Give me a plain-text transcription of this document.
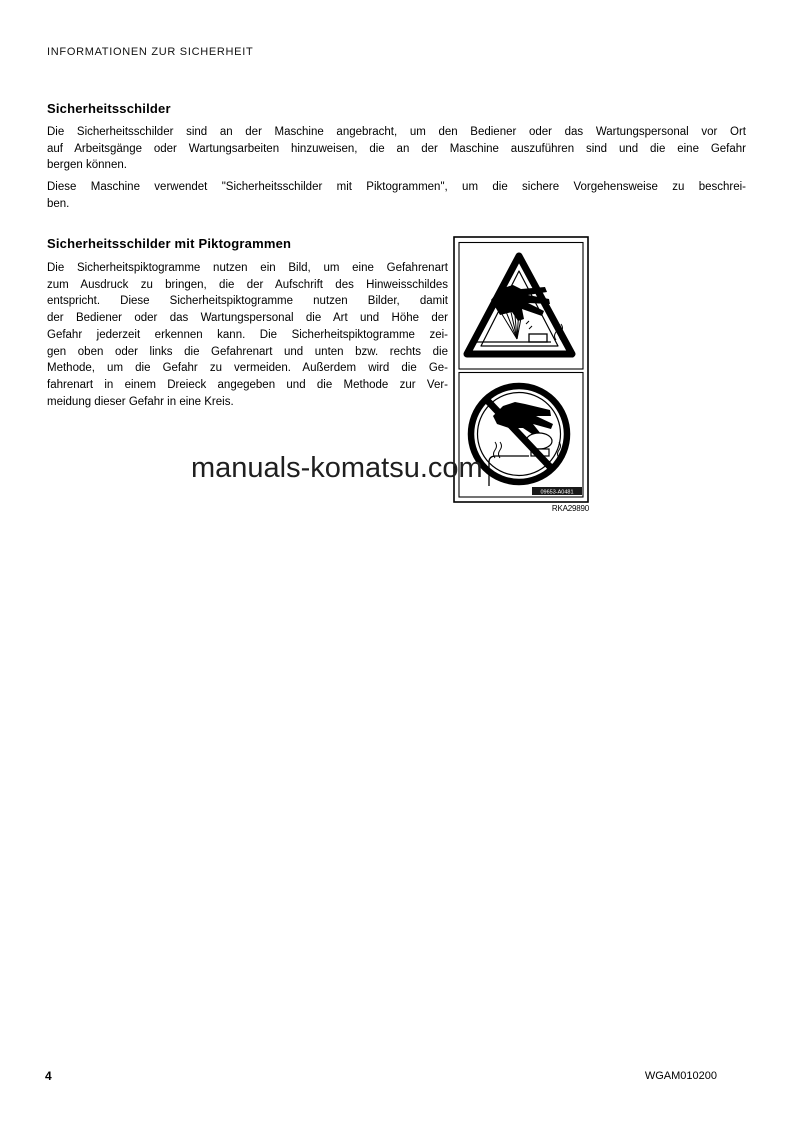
INFORMATIONEN ZUR SICHERHEIT
Sicherheitsschilder
Die Sicherheitsschilder sind an der Maschine angebracht, um den Bediener oder das Wartungspersonal vor Ort
auf Arbeitsgänge oder Wartungsarbeiten hinzuweisen, die an der Maschine auszuführen sind und die eine Gefahr
bergen können.
Diese Maschine verwendet "Sicherheitsschilder mit Piktogrammen", um die sichere Vorgehensweise zu beschrei-
ben.
Sicherheitsschilder mit Piktogrammen
Die Sicherheitspiktogramme nutzen ein Bild, um eine Gefahrenart
zum Ausdruck zu bringen, die der Aufschrift des Hinweisschildes
entspricht. Diese Sicherheitspiktogramme nutzen Bilder, damit
der Bediener oder das Wartungspersonal die Art und Höhe der
Gefahr jederzeit erkennen kann. Die Sicherheitspiktogramme zei-
gen oben oder links die Gefahrenart und unten bzw. rechts die
Methode, um die Gefahr zu vermeiden. Außerdem wird die Ge-
fahrenart in einem Dreieck angegeben und die Methode zur Ver-
meidung dieser Gefahr in eine Kreis.
09653-A0481
RKA29890
manuals-komatsu.com
4	WGAM010200
